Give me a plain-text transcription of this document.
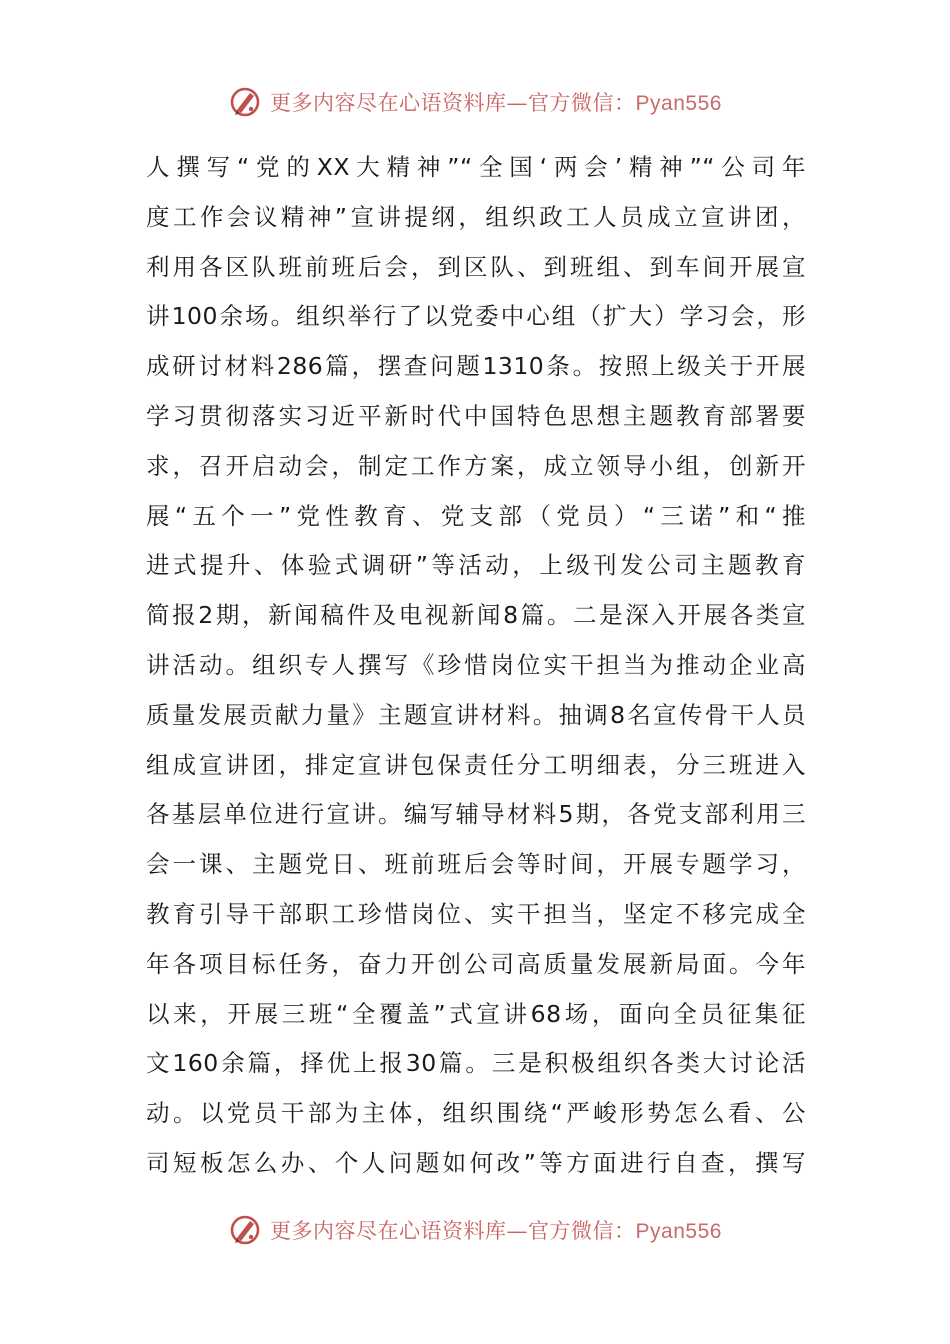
更多内容尽在心语资料库—官方微信：Pyan556
人撰写“党的XX大精神”“全国‘两会’精神”“公司年
度工作会议精神”宣讲提纲，组织政工人员成立宣讲团，
利用各区队班前班后会，到区队、到班组、到车间开展宣
讲100余场。组织举行了以党委中心组（扩大）学习会，形
成研讨材料286篇，摆查问题1310条。按照上级关于开展
学习贯彻落实习近平新时代中国特色思想主题教育部署要
求，召开启动会，制定工作方案，成立领导小组，创新开
展“五个一”党性教育、党支部（党员）“三诺”和“推
进式提升、体验式调研”等活动，上级刊发公司主题教育
简报2期，新闻稿件及电视新闻8篇。二是深入开展各类宣
讲活动。组织专人撰写《珍惜岗位实干担当为推动企业高
质量发展贡献力量》主题宣讲材料。抽调8名宣传骨干人员
组成宣讲团，排定宣讲包保责任分工明细表，分三班进入
各基层单位进行宣讲。编写辅导材料5期，各党支部利用三
会一课、主题党日、班前班后会等时间，开展专题学习，
教育引导干部职工珍惜岗位、实干担当，坚定不移完成全
年各项目标任务，奋力开创公司高质量发展新局面。今年
以来，开展三班“全覆盖”式宣讲68场，面向全员征集征
文160余篇，择优上报30篇。三是积极组织各类大讨论活
动。以党员干部为主体，组织围绕“严峻形势怎么看、公
司短板怎么办、个人问题如何改”等方面进行自查，撰写
更多内容尽在心语资料库—官方微信：Pyan556
